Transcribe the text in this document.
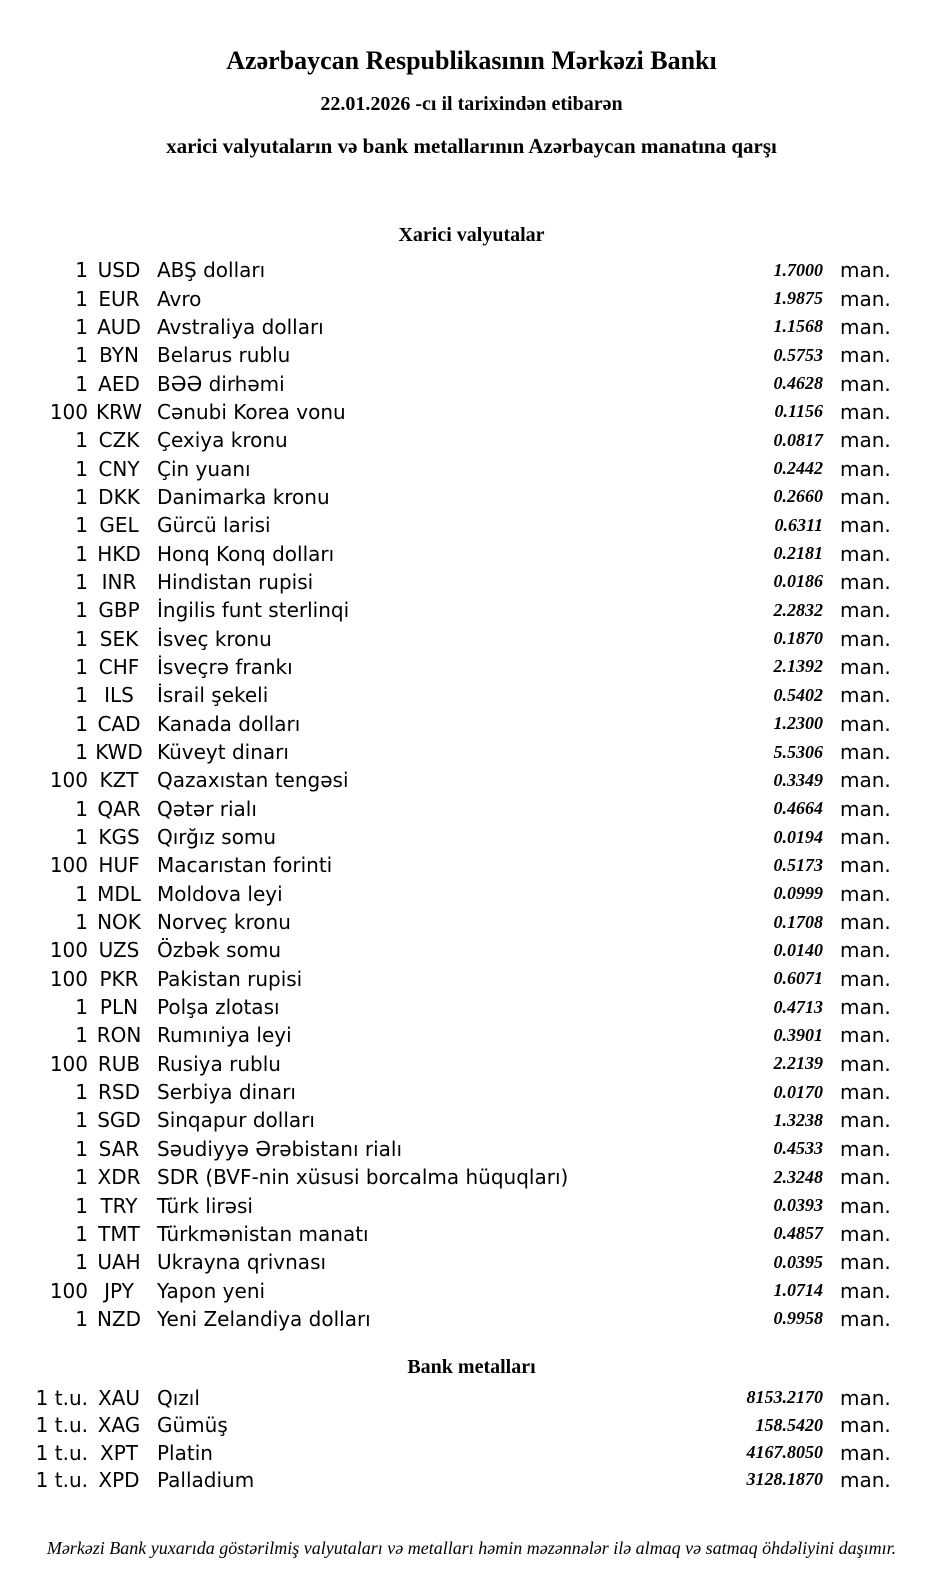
Azərbaycan Respublikasının Mərkəzi Bankı
22.01.2026 -cı il tarixindən etibarən
xarici valyutaların və bank metallarının Azərbaycan manatına qarşı
Xarici valyutalar
1 USD ABŞ dolları	1.7000 man.
1 EUR Avro	1.9875 man.
1 AUD Avstraliya dolları	1.1568 man.
1 BYN Belarus rublu	0.5753 man.
1 AED BƏƏ dirhəmi	0.4628 man.
100 KRW Cənubi Korea vonu	0.1156 man.
1 CZK Çexiya kronu	0.0817 man.
1 CNY Çin yuanı	0.2442 man.
1 DKK Danimarka kronu	0.2660 man.
1 GEL Gürcü larisi	0.6311 man.
1 HKD Honq Konq dolları	0.2181 man.
1 INR	Hindistan rupisi	0.0186 man.
1 GBP İngilis funt sterlinqi	2.2832 man.
1 SEK İsveç kronu	0.1870 man.
1 CHF İsveçrə frankı	2.1392 man.
1 ILS	İsrail şekeli	0.5402 man.
1 CAD Kanada dolları	1.2300 man.
1 KWD Küveyt dinarı	5.5306 man.
100 KZT Qazaxıstan tengəsi	0.3349 man.
1 QAR Qətər rialı	0.4664 man.
1 KGS Qırğız somu	0.0194 man.
100 HUF Macarıstan forinti	0.5173 man.
1 MDL Moldova leyi	0.0999 man.
1 NOK Norveç kronu	0.1708 man.
100 UZS Özbək somu	0.0140 man.
100 PKR Pakistan rupisi	0.6071 man.
1 PLN Polşa zlotası	0.4713 man.
1 RON Rumıniya leyi	0.3901 man.
100 RUB Rusiya rublu	2.2139 man.
1 RSD Serbiya dinarı	0.0170 man.
1 SGD Sinqapur dolları	1.3238 man.
1 SAR Səudiyyə Ərəbistanı rialı	0.4533 man.
1 XDR SDR (BVF-nin xüsusi borcalma hüquqları)	2.3248 man.
1 TRY Türk lirəsi	0.0393 man.
1 TMT Türkmənistan manatı	0.4857 man.
1 UAH Ukrayna qrivnası	0.0395 man.
100 JPY	Yapon yeni	1.0714 man.
1 NZD Yeni Zelandiya dolları	0.9958 man.
Bank metalları
1 t.u. XAU Qızıl	8153.2170 man.
1 t.u. XAG Gümüş	158.5420 man.
1 t.u. XPT Platin	4167.8050 man.
1 t.u. XPD Palladium	3128.1870 man.
Mərkəzi Bank yuxarıda göstərilmiş valyutaları və metalları həmin məzənnələr ilə almaq və satmaq öhdəliyini daşımır.
